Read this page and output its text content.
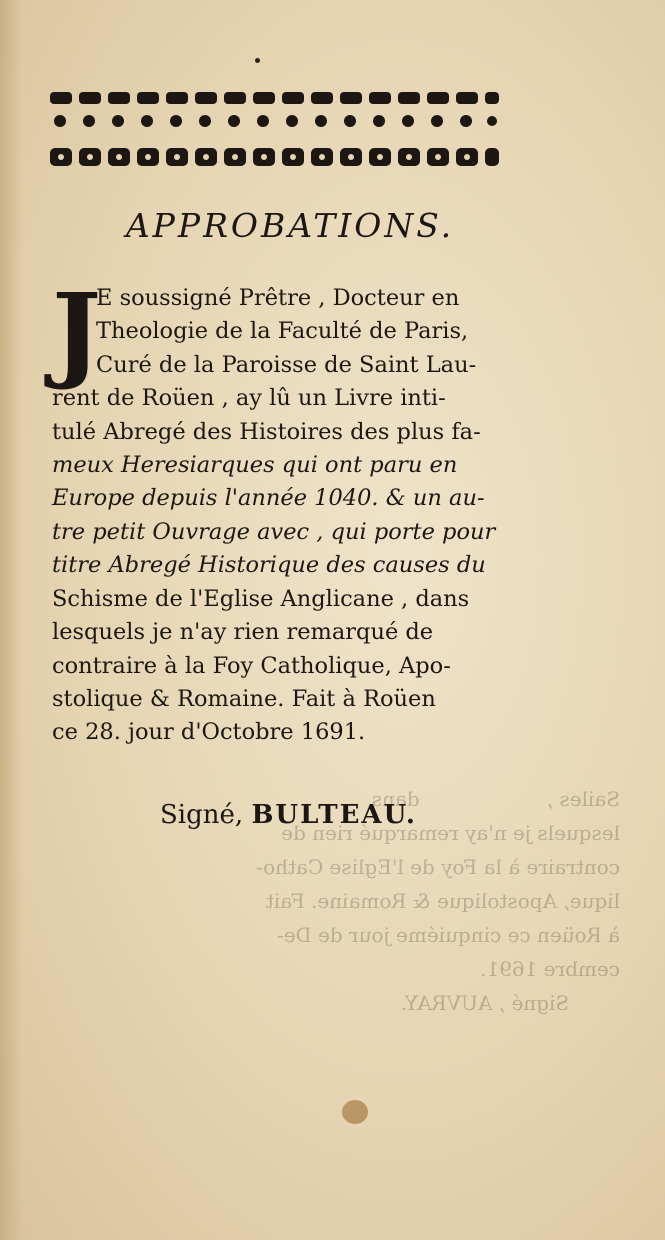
Sailes ,                    dans
lesquels je n'ay remarqué rien de
contraire à la Foy de l'Eglise Catho-
lique, Apostolique & Romaine. Fait
à Roüen ce cinquiéme jour de De-
cembre 1691.
Signé , AUVRAY.
APPROBATIONS.
J
E soussigné Prêtre , Docteur en
Theologie de la Faculté de Paris,
Curé de la Paroisse de Saint Lau-
rent de Roüen , ay lû un Livre inti-
tulé Abregé des Histoires des plus fa-
meux Heresiarques qui ont paru en
Europe depuis l'année 1040. & un au-
tre petit Ouvrage avec , qui porte pour
titre Abregé Historique des causes du
Schisme de l'Eglise Anglicane , dans
lesquels je n'ay rien remarqué de
contraire à la Foy Catholique, Apo-
stolique & Romaine. Fait à Roüen
ce 28. jour d'Octobre 1691.
Signé, BULTEAU.
